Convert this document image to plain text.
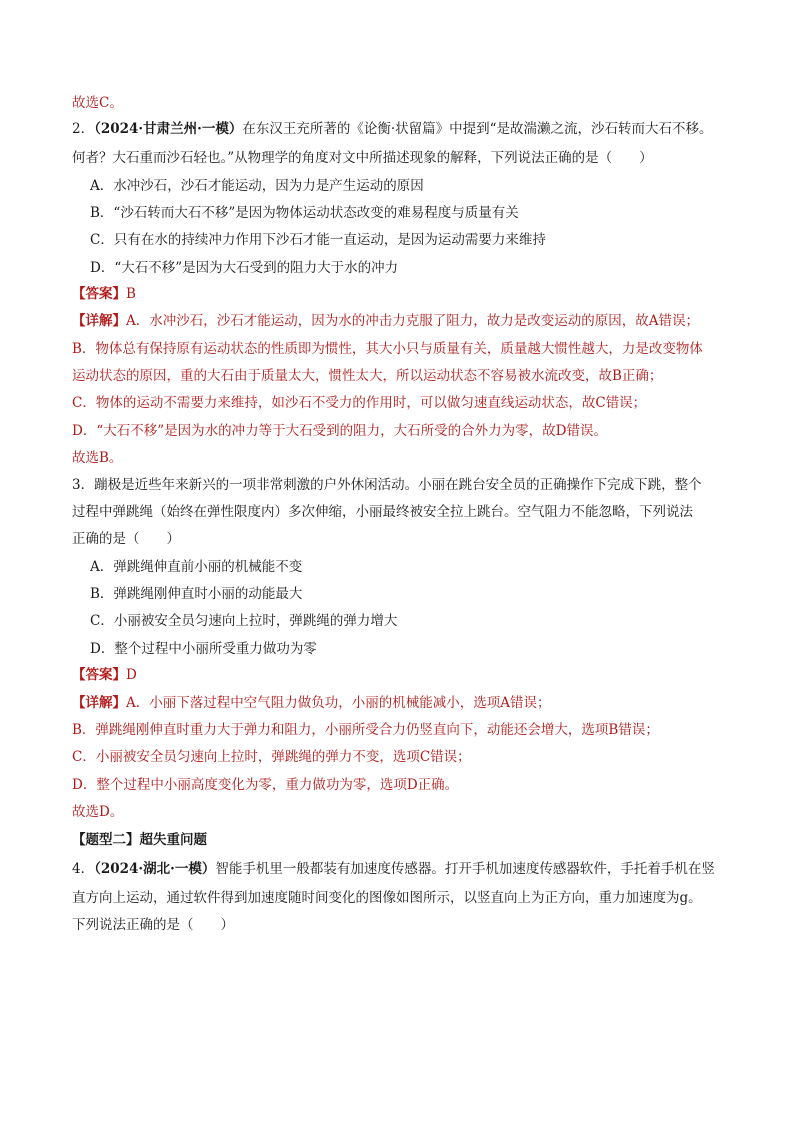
故选C。
2．（2024·甘肃兰州·一模）在东汉王充所著的《论衡·状留篇》中提到“是故湍濑之流，沙石转而大石不移。
何者？大石重而沙石轻也。”从物理学的角度对文中所描述现象的解释，下列说法正确的是（　　）
A．水冲沙石，沙石才能运动，因为力是产生运动的原因
B．“沙石转而大石不移”是因为物体运动状态改变的难易程度与质量有关
C．只有在水的持续冲力作用下沙石才能一直运动，是因为运动需要力来维持
D．“大石不移”是因为大石受到的阻力大于水的冲力
【答案】B
【详解】A．水冲沙石，沙石才能运动，因为水的冲击力克服了阻力，故力是改变运动的原因，故A错误；
B．物体总有保持原有运动状态的性质即为惯性，其大小只与质量有关，质量越大惯性越大，力是改变物体
运动状态的原因，重的大石由于质量太大，惯性太大，所以运动状态不容易被水流改变，故B正确；
C．物体的运动不需要力来维持，如沙石不受力的作用时，可以做匀速直线运动状态，故C错误；
D．“大石不移”是因为水的冲力等于大石受到的阻力，大石所受的合外力为零，故D错误。
故选B。
3．蹦极是近些年来新兴的一项非常刺激的户外休闲活动。小丽在跳台安全员的正确操作下完成下跳，整个
过程中弹跳绳（始终在弹性限度内）多次伸缩，小丽最终被安全拉上跳台。空气阻力不能忽略，下列说法
正确的是（　　）
A．弹跳绳伸直前小丽的机械能不变
B．弹跳绳刚伸直时小丽的动能最大
C．小丽被安全员匀速向上拉时，弹跳绳的弹力增大
D．整个过程中小丽所受重力做功为零
【答案】D
【详解】A．小丽下落过程中空气阻力做负功，小丽的机械能减小，选项A错误；
B．弹跳绳刚伸直时重力大于弹力和阻力，小丽所受合力仍竖直向下，动能还会增大，选项B错误；
C．小丽被安全员匀速向上拉时，弹跳绳的弹力不变，选项C错误；
D．整个过程中小丽高度变化为零，重力做功为零，选项D正确。
故选D。
【题型二】超失重问题
4．（2024·湖北·一模）智能手机里一般都装有加速度传感器。打开手机加速度传感器软件，手托着手机在竖
直方向上运动，通过软件得到加速度随时间变化的图像如图所示，以竖直向上为正方向，重力加速度为g。
下列说法正确的是（　　）
